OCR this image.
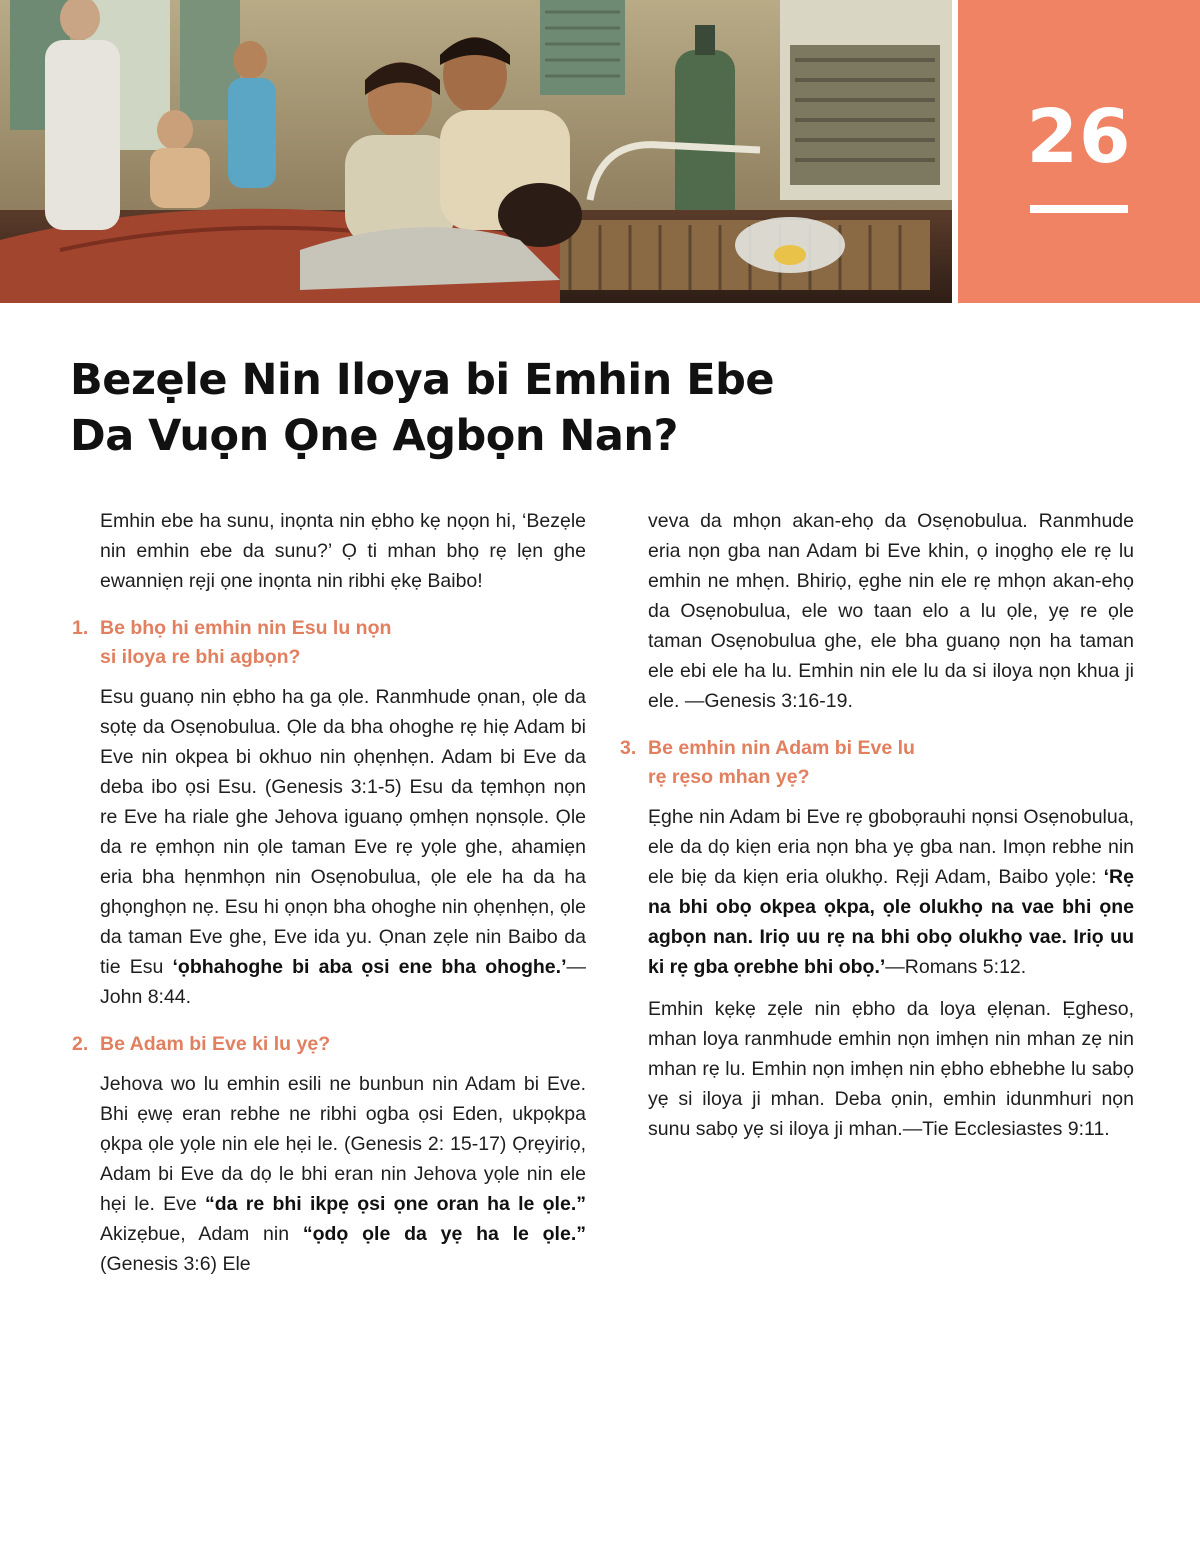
26
Bezẹle Nin Iloya bi Emhin Ebe
Da Vuọn Ọne Agbọn Nan?

Emhin ebe ha sunu, inọnta nin ẹbho kẹ nọọn hi, ‘Bezẹle nin emhin ebe da sunu?’ Ọ ti mhan bhọ rẹ lẹn ghe ewanniẹn rẹji ọne inọnta nin ribhi ẹkẹ Baibo!

1. Be bhọ hi emhin nin Esu lu nọn
si iloya re bhi agbọn?

Esu guanọ nin ẹbho ha ga ọle. Ranmhude ọnan, ọle da sọtẹ da Osẹnobulua. Ọle da bha ohoghe rẹ hiẹ Adam bi Eve nin okpea bi okhuo nin ọhẹnhẹn. Adam bi Eve da deba ibo ọsi Esu. (Genesis 3:1-5) Esu da tẹmhọn nọn re Eve ha riale ghe Jehova iguanọ ọmhẹn nọnsọle. Ọle da re ẹmhọn nin ọle taman Eve rẹ yọle ghe, ahamiẹn eria bha hẹnmhọn nin Osẹnobulua, ọle ele ha da ha ghọnghọn nẹ. Esu hi ọnọn bha ohoghe nin ọhẹnhẹn, ọle da taman Eve ghe, Eve ida yu. Ọnan zẹle nin Baibo da tie Esu ‘ọbhahoghe bi aba ọsi ene bha ohoghe.’—John 8:44.

2. Be Adam bi Eve ki lu yẹ?

Jehova wo lu emhin esili ne bunbun nin Adam bi Eve. Bhi ẹwẹ eran rebhe ne ribhi ogba ọsi Eden, ukpọkpa ọkpa ọle yọle nin ele hẹi le. (Genesis 2: 15-17) Ọrẹyiriọ, Adam bi Eve da dọ le bhi eran nin Jehova yọle nin ele hẹi le. Eve “da re bhi ikpẹ ọsi ọne oran ha le ọle.” Akizẹbue, Adam nin “ọdọ ọle da yẹ ha le ọle.” (Genesis 3:6) Ele

veva da mhọn akan-ehọ da Osẹnobulua. Ranmhude eria nọn gba nan Adam bi Eve khin, ọ inọghọ ele rẹ lu emhin ne mhẹn. Bhiriọ, ẹghe nin ele rẹ mhọn akan-ehọ da Osẹnobulua, ele wo taan elo a lu ọle, yẹ re ọle taman Osẹnobulua ghe, ele bha guanọ nọn ha taman ele ebi ele ha lu. Emhin nin ele lu da si iloya nọn khua ji ele. —Genesis 3:16-19.

3. Be emhin nin Adam bi Eve lu
rẹ rẹso mhan yẹ?

Ẹghe nin Adam bi Eve rẹ gbobọrauhi nọnsi Osẹnobulua, ele da dọ kiẹn eria nọn bha yẹ gba nan. Imọn rebhe nin ele biẹ da kiẹn eria olukhọ. Rẹji Adam, Baibo yọle: ‘Rẹ na bhi obọ okpea ọkpa, ọle olukhọ na vae bhi ọne agbọn nan. Iriọ uu rẹ na bhi obọ olukhọ vae. Iriọ uu ki rẹ gba ọrebhe bhi obọ.’—Romans 5:12.

Emhin kẹkẹ zẹle nin ẹbho da loya ẹlẹnan. Ẹgheso, mhan loya ranmhude emhin nọn imhẹn nin mhan zẹ nin mhan rẹ lu. Emhin nọn imhẹn nin ẹbho ebhebhe lu sabọ yẹ si iloya ji mhan. Deba ọnin, emhin idunmhuri nọn sunu sabọ yẹ si iloya ji mhan.—Tie Ecclesiastes 9:11.
